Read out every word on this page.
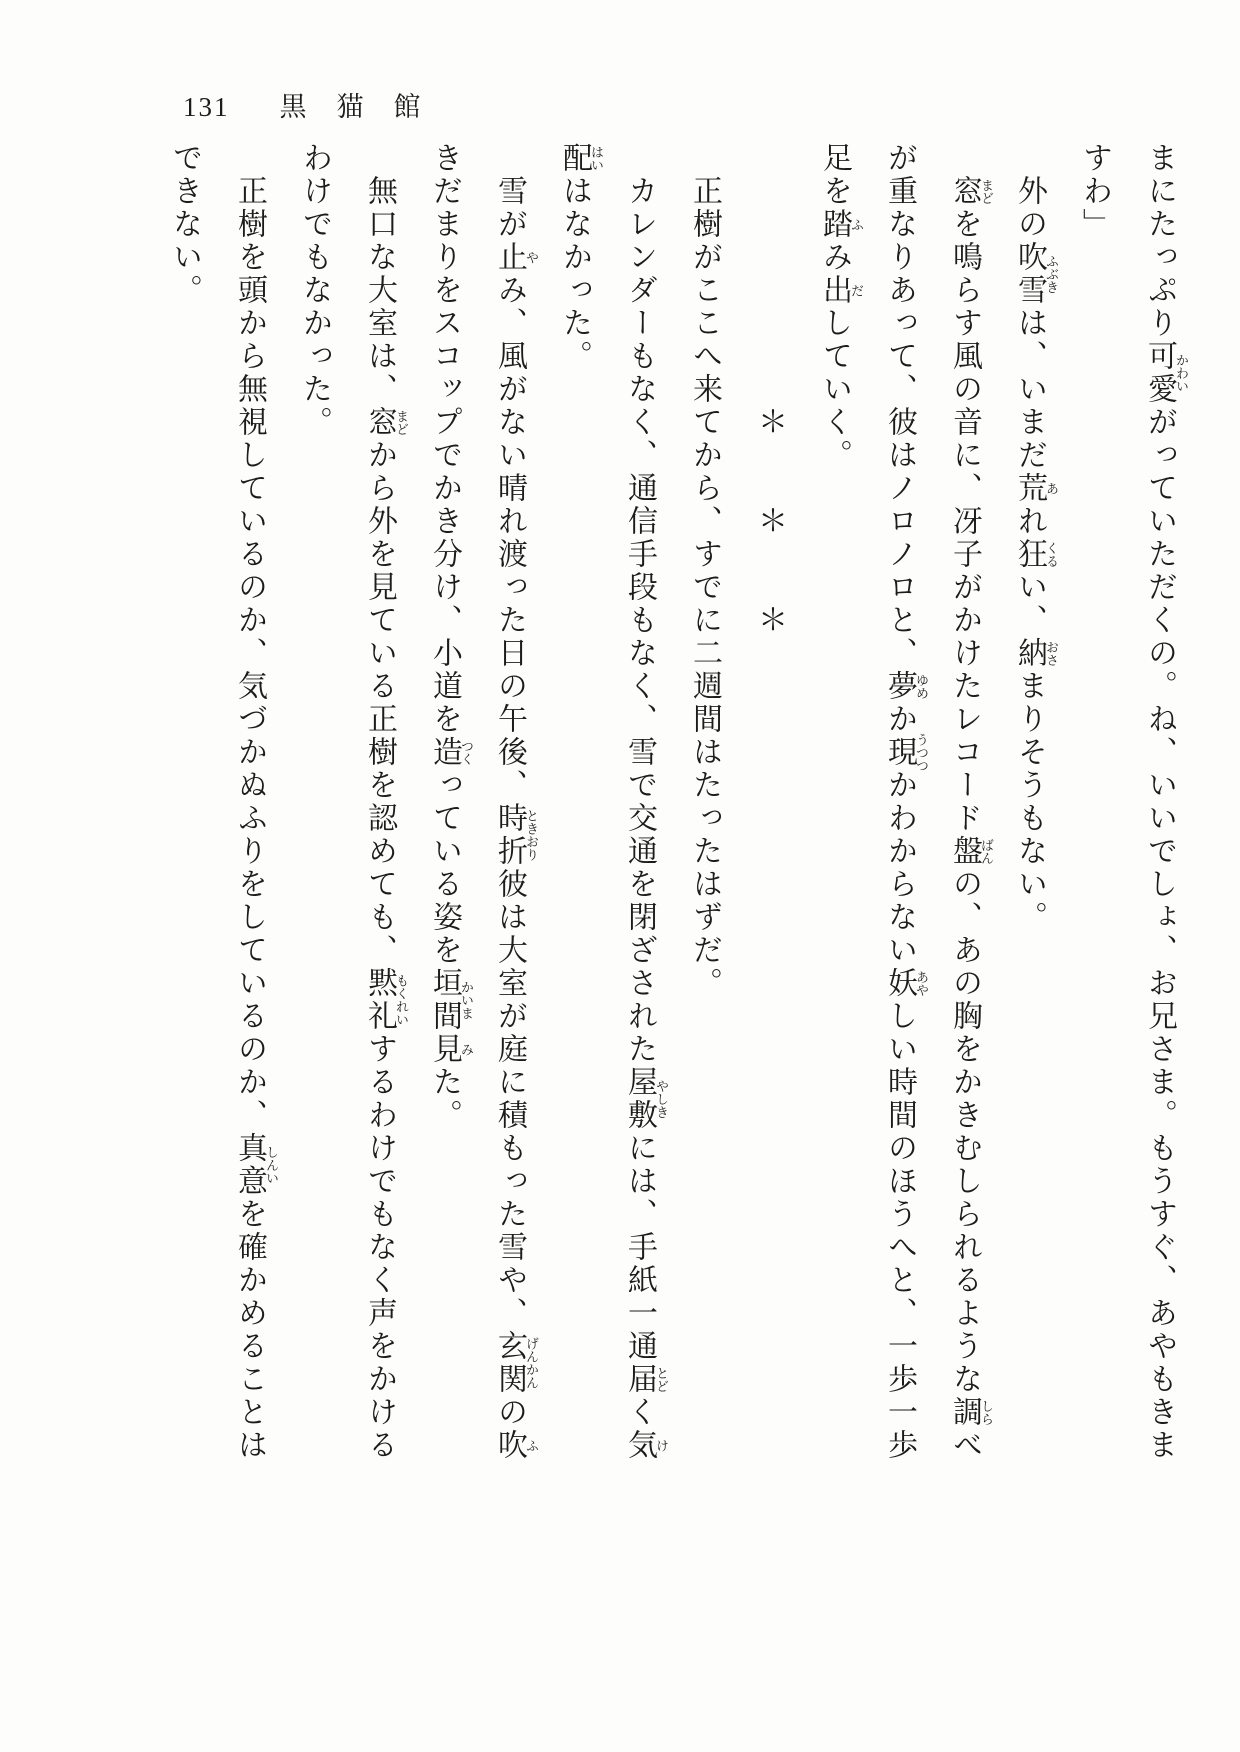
131 黒猫館

まにたっぷり可愛かわいがっていただくの。ね、いいでしょ、お兄さま。もうすぐ、あやもきますわ」

外の吹雪ふぶきは、いまだ荒あれ狂くるい、納おさまりそうもない。

窓まどを鳴らす風の音に、冴子がかけたレコード盤ばんの、あの胸をかきむしられるような調しらべが重なりあって、彼はノロノロと、夢ゆめか現うつつかわからない妖あやしい時間のほうへと、一歩一歩足を踏ふみ出だしていく。

＊　　＊　　＊

正樹がここへ来てから、すでに二週間はたったはずだ。

カレンダーもなく、通信手段もなく、雪で交通を閉ざされた屋敷やしきには、手紙一通届とどく気け配はいはなかった。

雪が止やみ、風がない晴れ渡った日の午後、時折ときおり彼は大室が庭に積もった雪や、玄関げんかんの吹ふきだまりをスコップでかき分け、小道を造つくっている姿を垣間かいま見みた。

無口な大室は、窓まどから外を見ている正樹を認めても、黙礼もくれいするわけでもなく声をかけるわけでもなかった。

正樹を頭から無視しているのか、気づかぬふりをしているのか、真意しんいを確かめることはできない。
